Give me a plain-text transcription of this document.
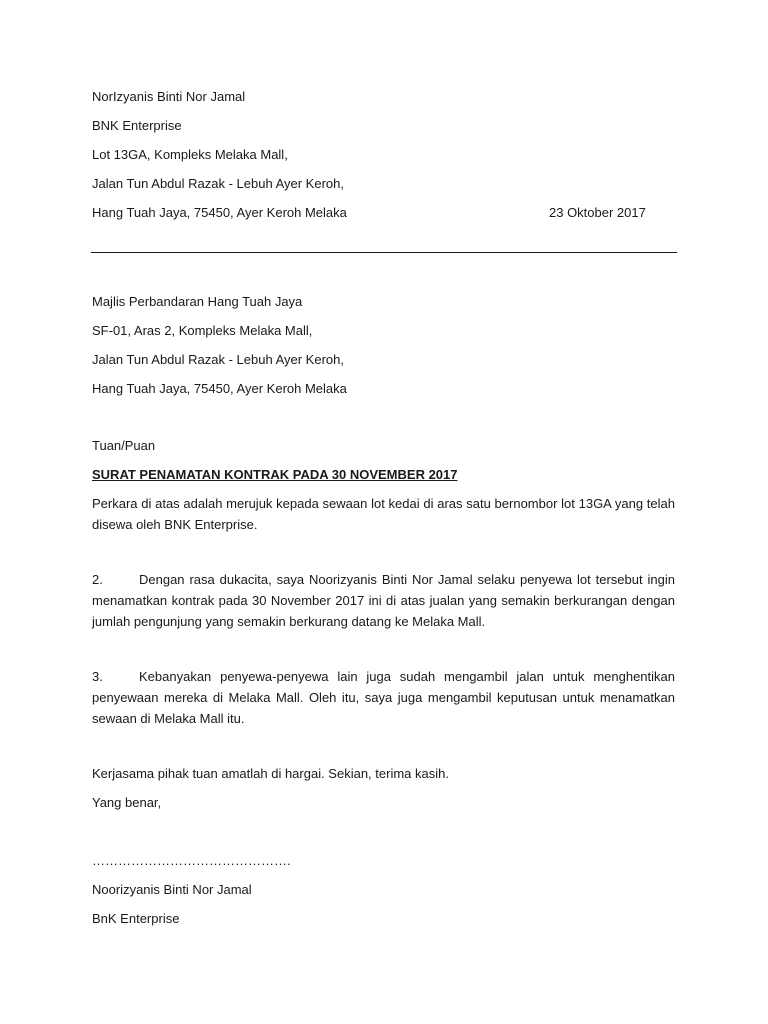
NorIzyanis Binti Nor Jamal
BNK Enterprise
Lot 13GA, Kompleks Melaka Mall,
Jalan Tun Abdul Razak - Lebuh Ayer Keroh,
Hang Tuah Jaya, 75450, Ayer Keroh Melaka	23 Oktober 2017
Majlis Perbandaran Hang Tuah Jaya
SF-01, Aras 2, Kompleks Melaka Mall,
Jalan Tun Abdul Razak - Lebuh Ayer Keroh,
Hang Tuah Jaya, 75450, Ayer Keroh Melaka
Tuan/Puan
SURAT PENAMATAN KONTRAK PADA 30 NOVEMBER 2017
Perkara di atas adalah merujuk kepada sewaan lot kedai di aras satu bernombor lot 13GA yang telah disewa oleh BNK Enterprise.
2.	Dengan rasa dukacita, saya Noorizyanis Binti Nor Jamal selaku penyewa lot tersebut ingin menamatkan kontrak pada 30 November 2017 ini di atas jualan yang semakin berkurangan dengan jumlah pengunjung yang semakin berkurang datang ke Melaka Mall.
3.	Kebanyakan penyewa-penyewa lain juga sudah mengambil jalan untuk menghentikan penyewaan mereka di Melaka Mall. Oleh itu, saya juga mengambil keputusan untuk menamatkan sewaan di Melaka Mall itu.
Kerjasama pihak tuan amatlah di hargai. Sekian, terima kasih.
Yang benar,
……………………………………….
Noorizyanis Binti Nor Jamal
BnK Enterprise
